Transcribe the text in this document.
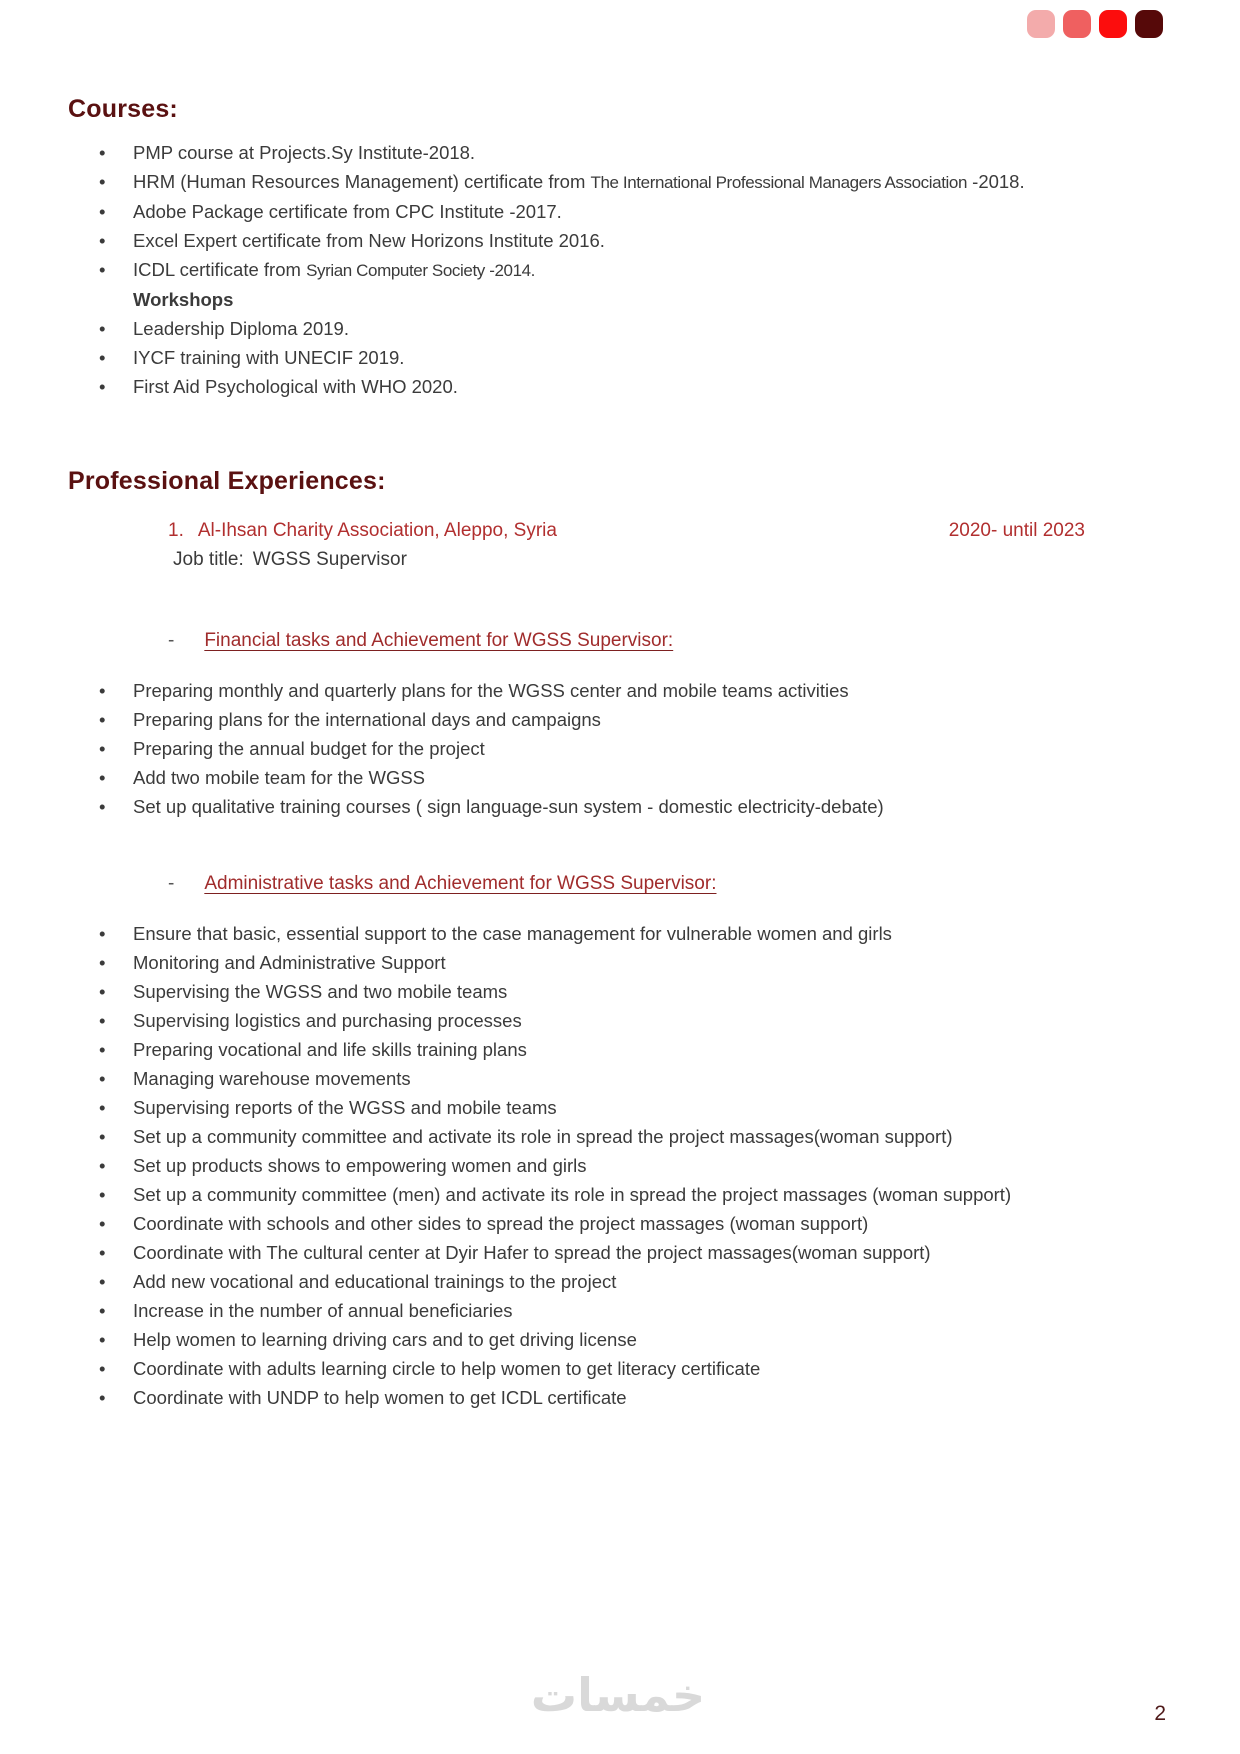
Courses:
• PMP course at Projects.Sy Institute-2018.
• HRM (Human Resources Management) certificate from The International Professional Managers Association -2018.
• Adobe Package certificate from CPC Institute -2017.
• Excel Expert certificate from New Horizons Institute 2016.
• ICDL certificate from Syrian Computer Society -2014.
Workshops
• Leadership Diploma 2019.
• IYCF training with UNECIF 2019.
• First Aid Psychological with WHO 2020.
Professional Experiences:
1. Al-Ihsan Charity Association, Aleppo, Syria	2020- until 2023
Job title: WGSS Supervisor
- Financial tasks and Achievement for WGSS Supervisor:
• Preparing monthly and quarterly plans for the WGSS center and mobile teams activities
• Preparing plans for the international days and campaigns
• Preparing the annual budget for the project
• Add two mobile team for the WGSS
• Set up qualitative training courses ( sign language-sun system - domestic electricity-debate)
- Administrative tasks and Achievement for WGSS Supervisor:
• Ensure that basic, essential support to the case management for vulnerable women and girls
• Monitoring and Administrative Support
• Supervising the WGSS and two mobile teams
• Supervising logistics and purchasing processes
• Preparing vocational and life skills training plans
• Managing warehouse movements
• Supervising reports of the WGSS and mobile teams
• Set up a community committee and activate its role in spread the project massages(woman support)
• Set up products shows to empowering women and girls
• Set up a community committee (men) and activate its role in spread the project massages (woman support)
• Coordinate with schools and other sides to spread the project massages (woman support)
• Coordinate with The cultural center at Dyir Hafer to spread the project massages(woman support)
• Add new vocational and educational trainings to the project
• Increase in the number of annual beneficiaries
• Help women to learning driving cars and to get driving license
• Coordinate with adults learning circle to help women to get literacy certificate
• Coordinate with UNDP to help women to get ICDL certificate
خمسات	2
